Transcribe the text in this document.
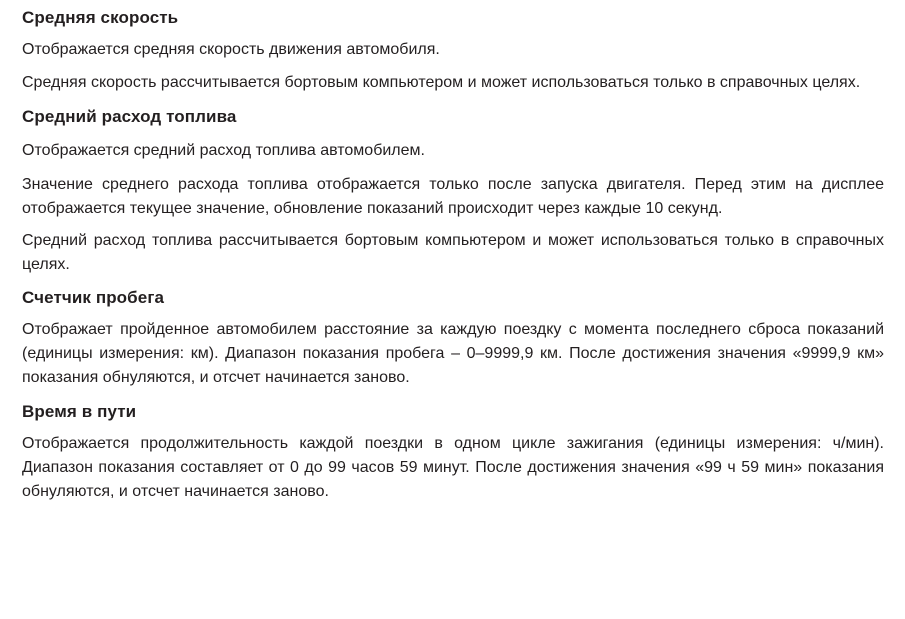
Средняя скорость

Отображается средняя скорость движения автомобиля.

Средняя скорость рассчитывается бортовым компьютером и может использоваться только в справочных целях.

Средний расход топлива

Отображается средний расход топлива автомобилем.

Значение среднего расхода топлива отображается только после запуска двигателя. Перед этим на дисплее отображается текущее значение, обновление показаний происходит через каждые 10 секунд.

Средний расход топлива рассчитывается бортовым компьютером и может использоваться только в справочных целях.

Счетчик пробега

Отображает пройденное автомобилем расстояние за каждую поездку с момента последнего сброса показаний (единицы измерения: км). Диапазон показания пробега – 0–9999,9 км. После достижения значения «9999,9 км» показания обнуляются, и отсчет начинается заново.

Время в пути

Отображается продолжительность каждой поездки в одном цикле зажигания (единицы измерения: ч/мин). Диапазон показания составляет от 0 до 99 часов 59 минут. После достижения значения «99 ч 59 мин» показания обнуляются, и отсчет начинается заново.
